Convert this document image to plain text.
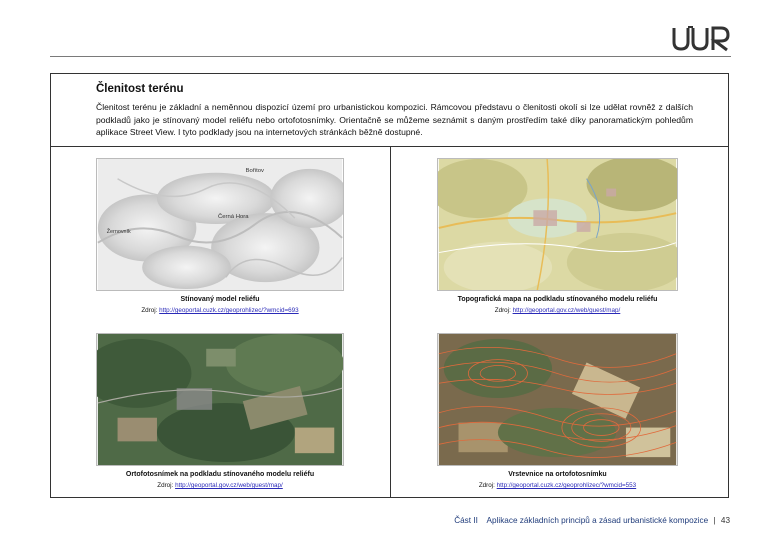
Členitost terénu

Členitost terénu je základní a neměnnou dispozicí území pro urbanistickou kompozici. Rámcovou představu o členitosti okolí si lze udělat rovněž z dalších podkladů jako je stínovaný model reliéfu nebo ortofotosnímky. Orientačně se můžeme seznámit s daným prostředím také díky panoramatickým pohledům aplikace Street View. I tyto podklady jsou na internetových stránkách běžně dostupné.

Bořitov
Černá Hora
Žernovník
Stínovaný model reliéfu
Zdroj: http://geoportal.cuzk.cz/geoprohlizec/?wmcid=693
Topografická mapa na podkladu stínovaného modelu reliéfu
Zdroj: http://geoportal.gov.cz/web/guest/map/
Ortofotosnímek na podkladu stínovaného modelu reliéfu
Zdroj: http://geoportal.gov.cz/web/guest/map/
Vrstevnice na ortofotosnímku
Zdroj: http://geoportal.cuzk.cz/geoprohlizec/?wmcid=553
Část II Aplikace základních principů a zásad urbanistické kompozice | 43
